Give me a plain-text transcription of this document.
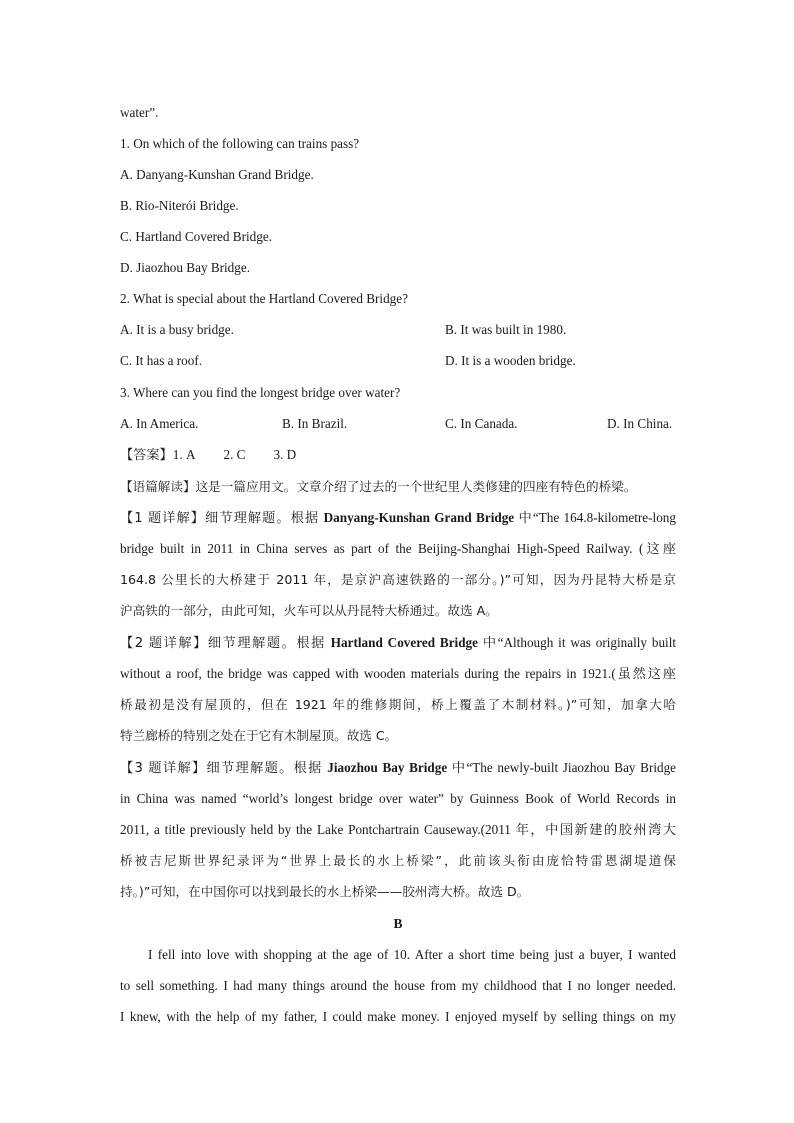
water”.
1. On which of the following can trains pass?
A. Danyang-Kunshan Grand Bridge.
B. Rio-Niterói Bridge.
C. Hartland Covered Bridge.
D. Jiaozhou Bay Bridge.
2. What is special about the Hartland Covered Bridge?
A. It is a busy bridge.	B. It was built in 1980.
C. It has a roof.	D. It is a wooden bridge.
3. Where can you find the longest bridge over water?
A. In America.	B. In Brazil.	C. In Canada.	D. In China.
【答案】1. A 2. C 3. D
【语篇解读】这是一篇应用文。文章介绍了过去的一个世纪里人类修建的四座有特色的桥梁。
【1 题详解】细节理解题。根据 Danyang-Kunshan Grand Bridge 中“The 164.8-kilometre-long
bridge built in 2011 in China serves as part of the Beijing-Shanghai High-Speed Railway. (这座
164.8 公里长的大桥建于 2011 年，是京沪高速铁路的一部分。)”可知，因为丹昆特大桥是京
沪高铁的一部分，由此可知，火车可以从丹昆特大桥通过。故选 A。
【2 题详解】细节理解题。根据 Hartland Covered Bridge 中“Although it was originally built
without a roof, the bridge was capped with wooden materials during the repairs in 1921.(虽然这座
桥最初是没有屋顶的，但在 1921 年的维修期间，桥上覆盖了木制材料。)”可知，加拿大哈
特兰廊桥的特别之处在于它有木制屋顶。故选 C。
【3 题详解】细节理解题。根据 Jiaozhou Bay Bridge 中“The newly-built Jiaozhou Bay Bridge
in China was named “world’s longest bridge over water” by Guinness Book of World Records in
2011, a title previously held by the Lake Pontchartrain Causeway.(2011 年，中国新建的胶州湾大
桥被吉尼斯世界纪录评为“世界上最长的水上桥梁”，此前该头衔由庞恰特雷恩湖堤道保
持。)”可知，在中国你可以找到最长的水上桥梁——胶州湾大桥。故选 D。
B
I fell into love with shopping at the age of 10. After a short time being just a buyer, I wanted
to sell something. I had many things around the house from my childhood that I no longer needed.
I knew, with the help of my father, I could make money. I enjoyed myself by selling things on my
